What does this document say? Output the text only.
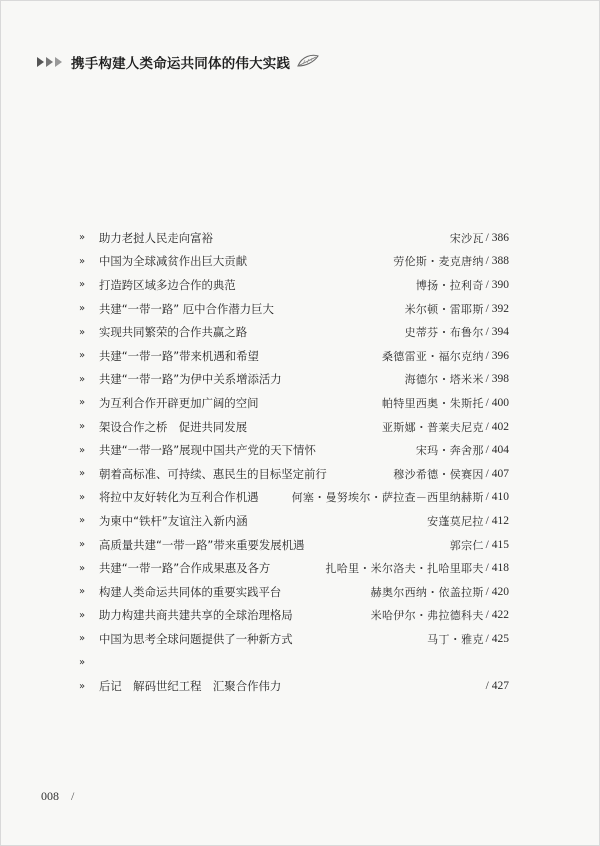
携手构建人类命运共同体的伟大实践
»	助力老挝人民走向富裕	宋沙瓦 / 386
»	中国为全球减贫作出巨大贡献	劳伦斯・麦克唐纳 / 388
»	打造跨区域多边合作的典范	博扬・拉利奇 / 390
»	共建“一带一路” 厄中合作潜力巨大	米尔顿・雷耶斯 / 392
»	实现共同繁荣的合作共赢之路	史蒂芬・布鲁尔 / 394
»	共建“一带一路”带来机遇和希望	桑德雷亚・福尔克纳 / 396
»	共建“一带一路”为伊中关系增添活力	海德尔・塔米米 / 398
»	为互利合作开辟更加广阔的空间	帕特里西奥・朱斯托 / 400
»	架设合作之桥　促进共同发展	亚斯娜・普莱夫尼克 / 402
»	共建“一带一路”展现中国共产党的天下情怀	宋玛・奔舍那 / 404
»	朝着高标准、可持续、惠民生的目标坚定前行	穆沙希德・侯赛因 / 407
»	将拉中友好转化为互利合作机遇	何塞・曼努埃尔・萨拉查－西里纳赫斯 / 410
»	为柬中“铁杆”友谊注入新内涵	安蓬莫尼拉 / 412
»	高质量共建“一带一路”带来重要发展机遇	郭宗仁 / 415
»	共建“一带一路”合作成果惠及各方	扎哈里・米尔洛夫・扎哈里耶夫 / 418
»	构建人类命运共同体的重要实践平台	赫奥尔西纳・依盖拉斯 / 420
»	助力构建共商共建共享的全球治理格局	米哈伊尔・弗拉德科夫 / 422
»	中国为思考全球问题提供了一种新方式	马丁・雅克 / 425
»
»	后记　解码世纪工程　汇聚合作伟力	/ 427
008 /
